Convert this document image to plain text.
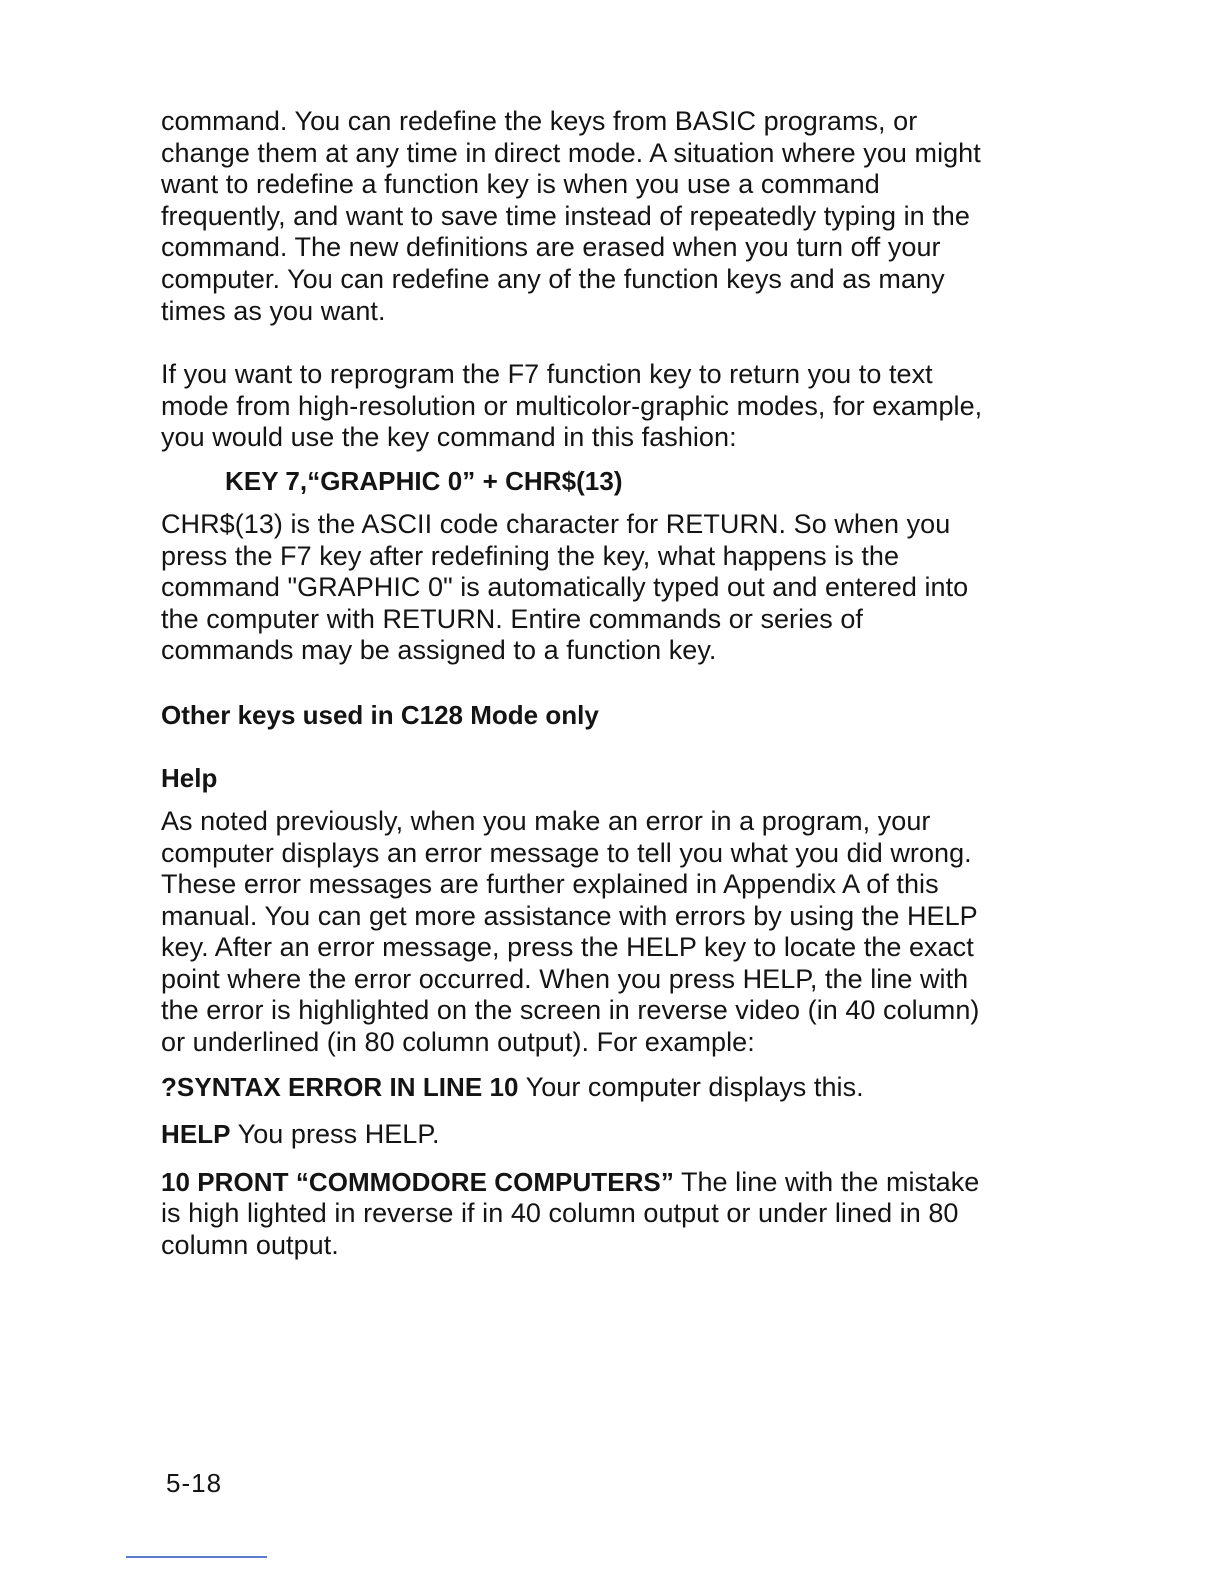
command. You can redefine the keys from BASIC programs, or change them at any time in direct mode. A situation where you might want to redefine a function key is when you use a command frequently, and want to save time instead of repeatedly typing in the command. The new definitions are erased when you turn off your computer. You can redefine any of the function keys and as many times as you want.

If you want to reprogram the F7 function key to return you to text mode from high-resolution or multicolor-graphic modes, for example, you would use the key command in this fashion:

KEY 7,“GRAPHIC 0” + CHR$(13)

CHR$(13) is the ASCII code character for RETURN. So when you press the F7 key after redefining the key, what happens is the command "GRAPHIC 0" is automatically typed out and entered into the computer with RETURN. Entire commands or series of commands may be assigned to a function key.

Other keys used in C128 Mode only
Help

As noted previously, when you make an error in a program, your computer displays an error message to tell you what you did wrong. These error messages are further explained in Appendix A of this manual. You can get more assistance with errors by using the HELP key. After an error message, press the HELP key to locate the exact point where the error occurred. When you press HELP, the line with the error is highlighted on the screen in reverse video (in 40 column) or underlined (in 80 column output). For example:

?SYNTAX ERROR IN LINE 10 Your computer displays this.

HELP You press HELP.

10 PRONT “COMMODORE COMPUTERS” The line with the mistake is high lighted in reverse if in 40 column output or under lined in 80 column output.

5-18
